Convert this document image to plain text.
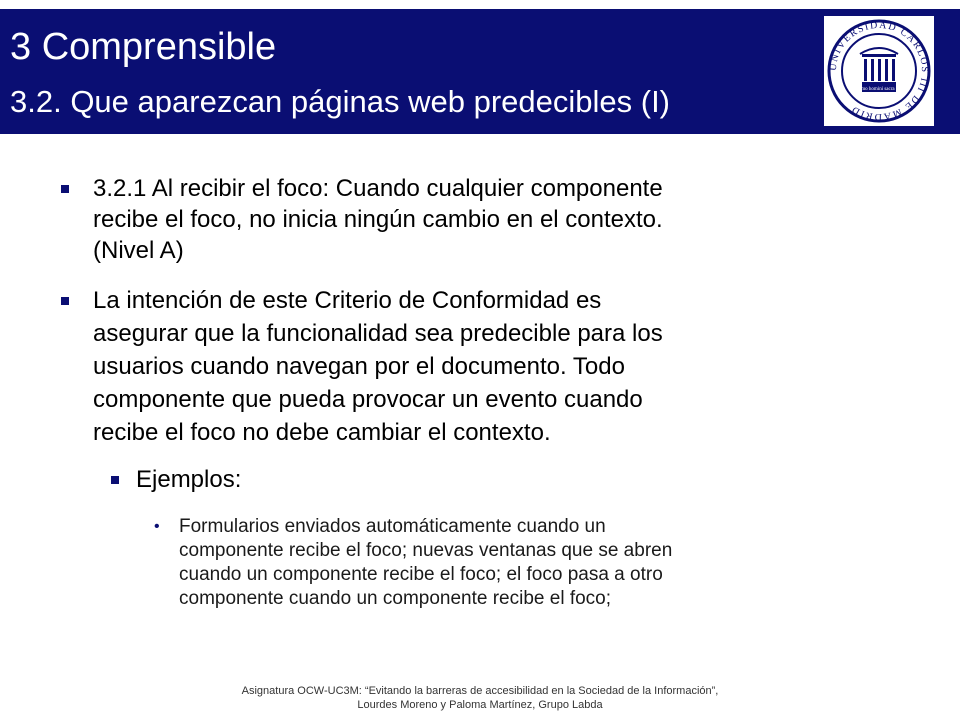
3 Comprensible
3.2. Que aparezcan páginas web predecibles (I)
UNIVERSIDAD CARLOS III DE MADRID
homo homini sacra res
3.2.1 Al recibir el foco: Cuando cualquier componente
recibe el foco, no inicia ningún cambio en el contexto.
(Nivel A)
La intención de este Criterio de Conformidad es
asegurar que la funcionalidad sea predecible para los
usuarios cuando navegan por el documento. Todo
componente que pueda provocar un evento cuando
recibe el foco no debe cambiar el contexto.
Ejemplos:
• Formularios enviados automáticamente cuando un
componente recibe el foco; nuevas ventanas que se abren
cuando un componente recibe el foco; el foco pasa a otro
componente cuando un componente recibe el foco;
Asignatura OCW-UC3M: “Evitando la barreras de accesibilidad en la Sociedad de la Información”,
Lourdes Moreno y Paloma Martínez, Grupo Labda
